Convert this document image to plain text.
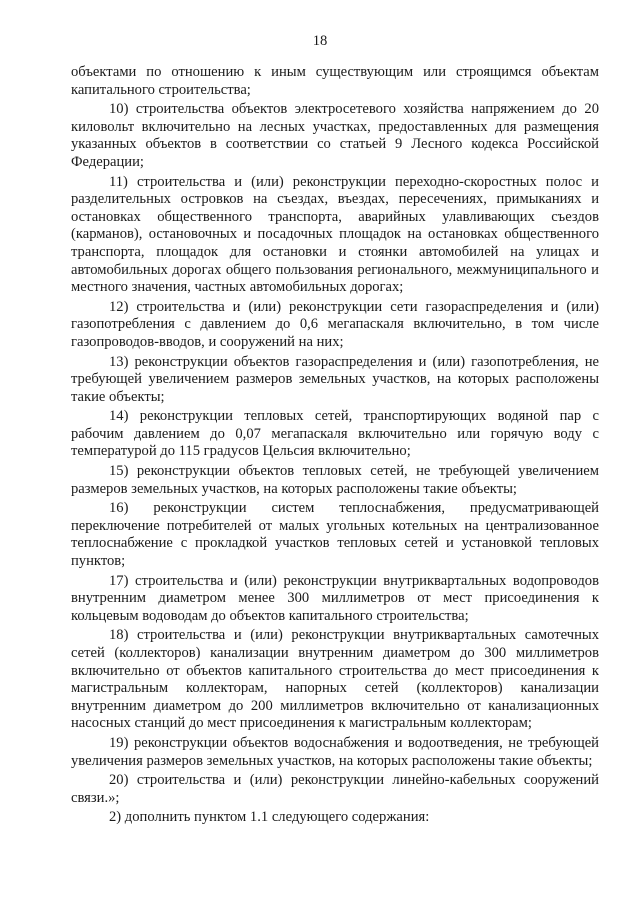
18

объектами по отношению к иным существующим или строящимся объектам капитального строительства;

10) строительства объектов электросетевого хозяйства напряжением до 20 киловольт включительно на лесных участках, предоставленных для размещения указанных объектов в соответствии со статьей 9 Лесного кодекса Российской Федерации;

11) строительства и (или) реконструкции переходно-скоростных полос и разделительных островков на съездах, въездах, пересечениях, примыканиях и остановках общественного транспорта, аварийных улавливающих съездов (карманов), остановочных и посадочных площадок на остановках общественного транспорта, площадок для остановки и стоянки автомобилей на улицах и автомобильных дорогах общего пользования регионального, межмуниципального и местного значения, частных автомобильных дорогах;

12) строительства и (или) реконструкции сети газораспределения и (или) газопотребления с давлением до 0,6 мегапаскаля включительно, в том числе газопроводов-вводов, и сооружений на них;

13) реконструкции объектов газораспределения и (или) газопотребления, не требующей увеличением размеров земельных участков, на которых расположены такие объекты;

14) реконструкции тепловых сетей, транспортирующих водяной пар с рабочим давлением до 0,07 мегапаскаля включительно или горячую воду с температурой до 115 градусов Цельсия включительно;

15) реконструкции объектов тепловых сетей, не требующей увеличением размеров земельных участков, на которых расположены такие объекты;

16) реконструкции систем теплоснабжения, предусматривающей переключение потребителей от малых угольных котельных на централизованное теплоснабжение с прокладкой участков тепловых сетей и установкой тепловых пунктов;

17) строительства и (или) реконструкции внутриквартальных водопроводов внутренним диаметром менее 300 миллиметров от мест присоединения к кольцевым водоводам до объектов капитального строительства;

18) строительства и (или) реконструкции внутриквартальных самотечных сетей (коллекторов) канализации внутренним диаметром до 300 миллиметров включительно от объектов капитального строительства до мест присоединения к магистральным коллекторам, напорных сетей (коллекторов) канализации внутренним диаметром до 200 миллиметров включительно от канализационных насосных станций до мест присоединения к магистральным коллекторам;

19) реконструкции объектов водоснабжения и водоотведения, не требующей увеличения размеров земельных участков, на которых расположены такие объекты;

20) строительства и (или) реконструкции линейно-кабельных сооружений связи.»;

2) дополнить пунктом 1.1 следующего содержания:
